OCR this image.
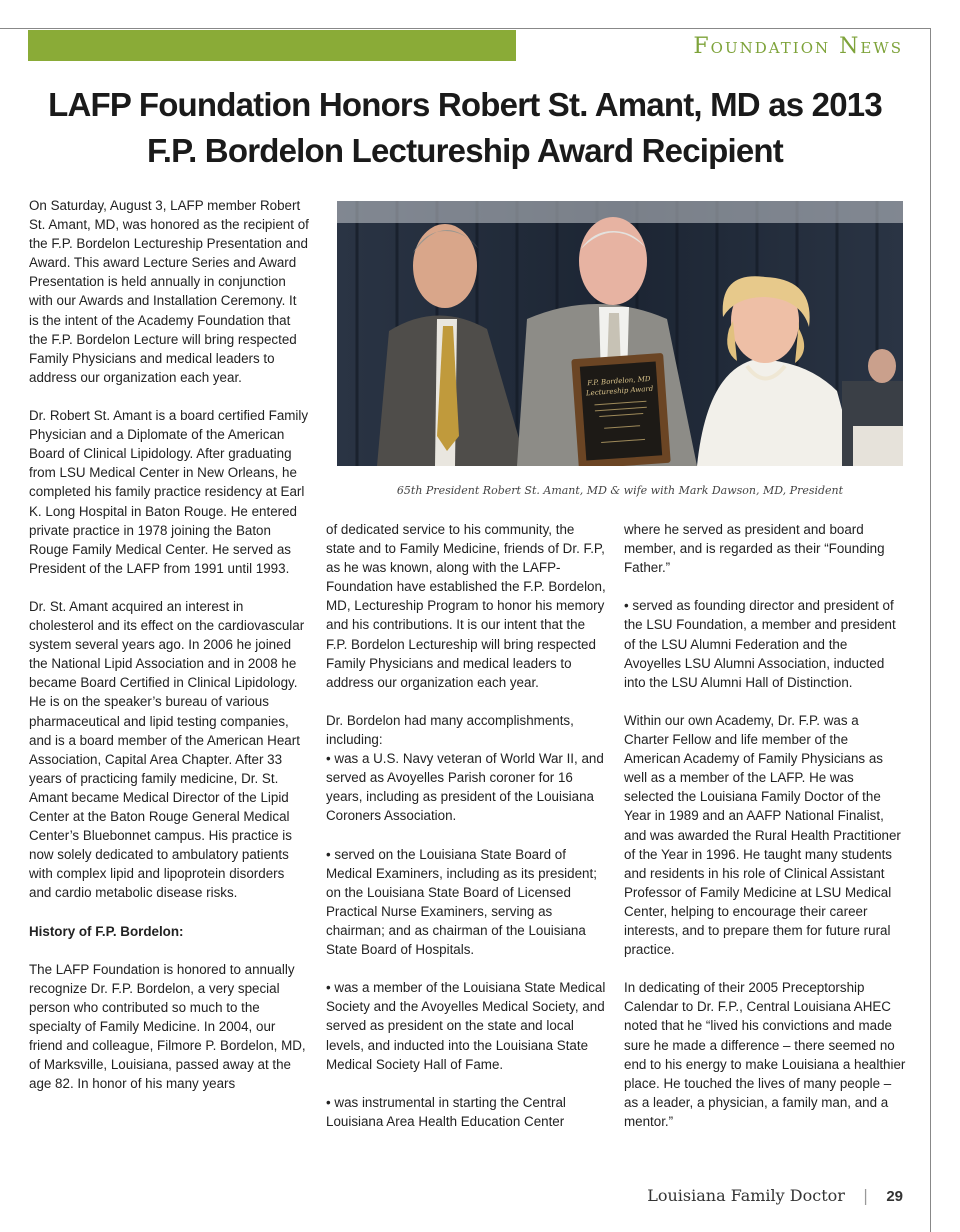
Foundation News
LAFP Foundation Honors Robert St. Amant, MD as 2013
F.P. Bordelon Lectureship Award Recipient

On Saturday, August 3, LAFP member Robert St. Amant, MD, was honored as the recipient of the F.P. Bordelon Lectureship Presentation and Award. This award Lecture Series and Award Presentation is held annually in conjunction with our Awards and Installation Ceremony. It is the intent of the Academy Foundation that the F.P. Bordelon Lecture will bring respected Family Physicians and medical leaders to address our organization each year.

Dr. Robert St. Amant is a board certified Family Physician and a Diplomate of the American Board of Clinical Lipidology. After graduating from LSU Medical Center in New Orleans, he completed his family practice residency at Earl K. Long Hospital in Baton Rouge. He entered private practice in 1978 joining the Baton Rouge Family Medical Center. He served as President of the LAFP from 1991 until 1993.

Dr. St. Amant acquired an interest in cholesterol and its effect on the cardiovascular system several years ago. In 2006 he joined the National Lipid Association and in 2008 he became Board Certified in Clinical Lipidology. He is on the speaker’s bureau of various pharmaceutical and lipid testing companies, and is a board member of the American Heart Association, Capital Area Chapter. After 33 years of practicing family medicine, Dr. St. Amant became Medical Director of the Lipid Center at the Baton Rouge General Medical Center’s Bluebonnet campus. His practice is now solely dedicated to ambulatory patients with complex lipid and lipoprotein disorders and cardio metabolic disease risks.

History of F.P. Bordelon:

The LAFP Foundation is honored to annually recognize Dr. F.P. Bordelon, a very special person who contributed so much to the specialty of Family Medicine. In 2004, our friend and colleague, Filmore P. Bordelon, MD, of Marksville, Louisiana, passed away at the age 82. In honor of his many years

F.P. Bordelon, MD
Lectureship Award
65th President Robert St. Amant, MD & wife with Mark Dawson, MD, President

of dedicated service to his community, the state and to Family Medicine, friends of Dr. F.P, as he was known, along with the LAFP-Foundation have established the F.P. Bordelon, MD, Lectureship Program to honor his memory and his contributions. It is our intent that the F.P. Bordelon Lectureship will bring respected Family Physicians and medical leaders to address our organization each year.

Dr. Bordelon had many accomplishments, including:

• was a U.S. Navy veteran of World War II, and served as Avoyelles Parish coroner for 16 years, including as president of the Louisiana Coroners Association.

• served on the Louisiana State Board of Medical Examiners, including as its president; on the Louisiana State Board of Licensed Practical Nurse Examiners, serving as chairman; and as chairman of the Louisiana State Board of Hospitals.

• was a member of the Louisiana State Medical Society and the Avoyelles Medical Society, and served as president on the state and local levels, and inducted into the Louisiana State Medical Society Hall of Fame.

• was instrumental in starting the Central Louisiana Area Health Education Center

where he served as president and board member, and is regarded as their “Founding Father.”

• served as founding director and president of the LSU Foundation, a member and president of the LSU Alumni Federation and the Avoyelles LSU Alumni Association, inducted into the LSU Alumni Hall of Distinction.

Within our own Academy, Dr. F.P. was a Charter Fellow and life member of the American Academy of Family Physicians as well as a member of the LAFP. He was selected the Louisiana Family Doctor of the Year in 1989 and an AAFP National Finalist, and was awarded the Rural Health Practitioner of the Year in 1996. He taught many students and residents in his role of Clinical Assistant Professor of Family Medicine at LSU Medical Center, helping to encourage their career interests, and to prepare them for future rural practice.

In dedicating of their 2005 Preceptorship Calendar to Dr. F.P., Central Louisiana AHEC noted that he “lived his convictions and made sure he made a difference – there seemed no end to his energy to make Louisiana a healthier place. He touched the lives of many people – as a leader, a physician, a family man, and a mentor.”

Louisiana Family Doctor | 29
